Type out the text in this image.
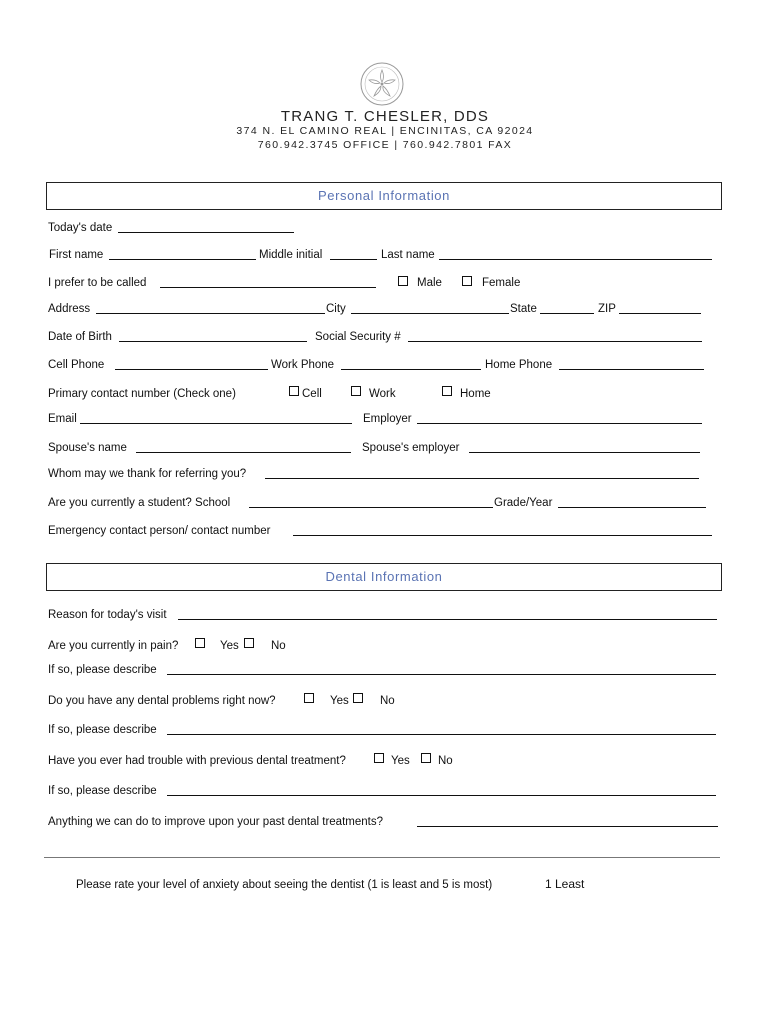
TRANG T. CHESLER, DDS
374 N. EL CAMINO REAL | ENCINITAS, CA 92024
760.942.3745 OFFICE | 760.942.7801 FAX
Personal Information
Today's date
First name	Middle initial	Last name
I prefer to be called	Male	Female
Address	City	State	ZIP
Date of Birth	Social Security #
Cell Phone	Work Phone	Home Phone
Primary contact number (Check one)	Cell	Work	Home
Email	Employer
Spouse's name	Spouse's employer
Whom may we thank for referring you?
Are you currently a student? School	Grade/Year
Emergency contact person/ contact number
Dental Information
Reason for today's visit
Are you currently in pain?	Yes	No
If so, please describe
Do you have any dental problems right now?	Yes	No
If so, please describe
Have you ever had trouble with previous dental treatment?	Yes No
If so, please describe
Anything we can do to improve upon your past dental treatments?
Please rate your level of anxiety about seeing the dentist (1 is least and 5 is most)	1 Least
